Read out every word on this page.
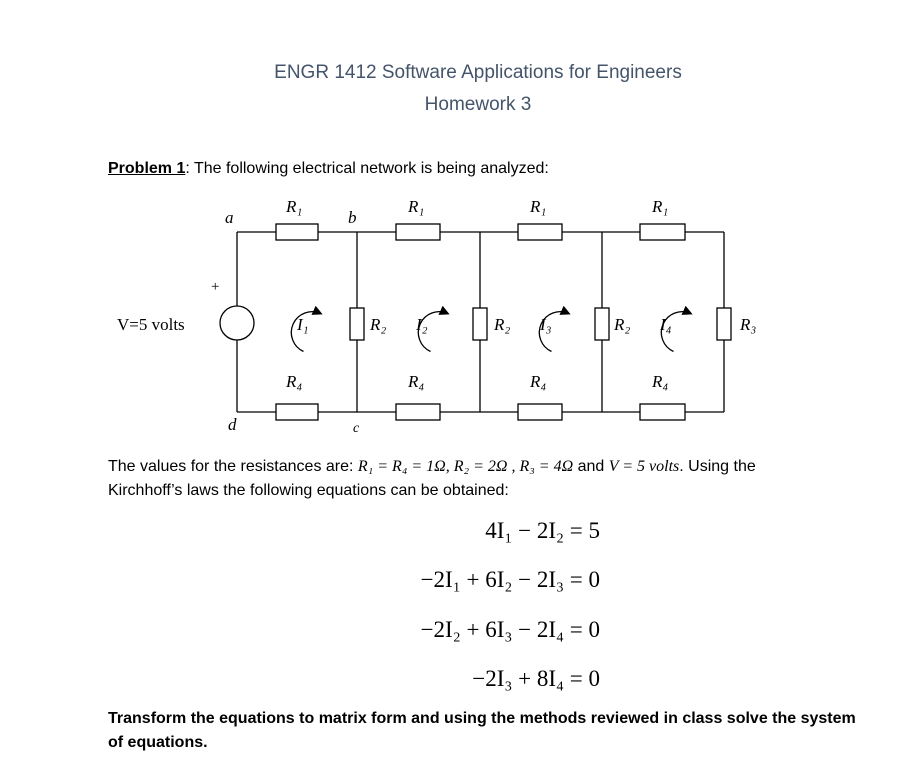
ENGR 1412 Software Applications for Engineers
Homework 3
Problem 1: The following electrical network is being analyzed:
a	b
c
d
R₁	R₁	R₁	R₁
R₄	R₄	R₄	R₄
R₂	R₂	R₂	R₃
I₁	I₂	I₃	I₄
+
V=5 volts
The values for the resistances are: R₁ = R₄ = 1Ω, R₂ = 2Ω , R₃ = 4Ω and V = 5 volts. Using the
Kirchhoff’s laws the following equations can be obtained:
4I₁ − 2I₂ = 5
−2I₁ + 6I₂ − 2I₃ = 0
−2I₂ + 6I₃ − 2I₄ = 0
−2I₃ + 8I₄ = 0
Transform the equations to matrix form and using the methods reviewed in class solve the system of equations.
